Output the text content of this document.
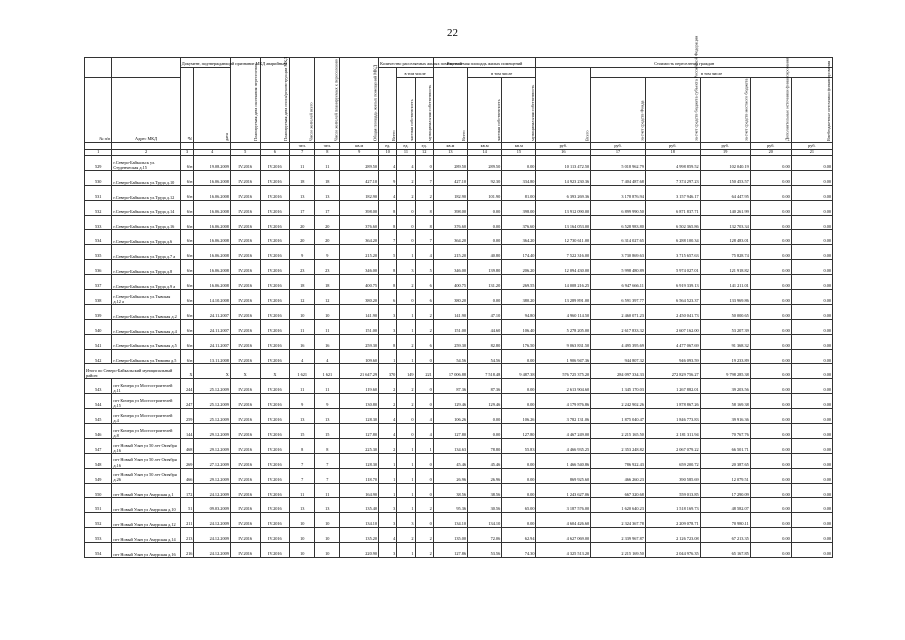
22
		Документ, подтверждающий признание МКД аварийным		Планируемая дата окончания переселения	Планируемая дата сноса/реконструкции МКД	Число жителей всего	Число жителей планируемых к переселению	Общая площадь жилых помещений МКД	Количество расселяемых жилых помещений			Расселяемая площадь жилых помещений			Стоимость переселения граждан					
		№	дата						Всего	в том числе		Всего	в том числе		Всего	в том числе				
№ п/п	Адрес МКД									частная собственность	муниципальная собственность		частная собственность	муниципальная собственность		за счет средств Фонда	за счет средств бюджета субъекта Российской Федерации	за счет средств местного бюджета	Дополнительные источники финансирования	Внебюджетные источники финансирования
						чел.	чел.	кв.м	ед.	ед.	ед.	кв.м	кв.м	кв.м	руб.	руб.	руб.	руб.	руб.	руб.
1	2	3	4	5	6	7	8	9	10	11	12	13	14	15	16	17	18	19	20	21
529	г.Северо-Байкальск ул. Студенческая д.15	6/н	19.08.2009	IV.2016	IV.2016	11	11	289.50	4	4	0	289.50	289.50	0.00	10 113 472.50	5 018 962.79	4 998 859.52	102 040.19	0.00	0.00
530	г.Северо-Байкальск ул.Труда д.10	6/н	16.06.2008	IV.2016	IV.2016	18	18	427.10	9	2	7	427.10	92.30	334.80	14 923 230.36	7 404 487.68	7 374 297.23	150 453.57	0.00	0.00
531	г.Северо-Байкальск ул.Труда д.12	6/н	16.06.2008	IV.2016	IV.2016	13	13	182.90	4	2	2	182.90	101.90	81.00	6 393 269.36	3 178 876.94	3 157 946.17	64 447.95	0.00	0.00
532	г.Северо-Байкальск ул.Труда д.14	6/н	16.06.2008	IV.2016	IV.2016	17	17	398.00	8	0	8	398.00	0.00	398.00	13 912 090.00	6 899 990.50	6 871 837.71	140 261.99	0.00	0.00
533	г.Северо-Байкальск ул.Труда д.16	6/н	16.06.2008	IV.2016	IV.2016	20	20	376.60	8	0	8	376.60	0.00	376.60	13 164 053.00	6 528 983.80	6 502 365.86	132 703.34	0.00	0.00
534	г.Северо-Байкальск ул.Труда д.6	6/н	16.06.2008	IV.2016	IV.2016	20	20	364.20	7	0	7	364.20	0.00	364.20	12 730 611.00	6 314 027.65	6 288 100.34	128 483.01	0.00	0.00
535	г.Северо-Байкальск ул.Труда д.7 а	6/н	16.06.2008	IV.2016	IV.2016	9	9	215.20	5	1	4	215.20	40.80	174.40	7 522 316.00	3 730 869.63	3 715 657.63	75 828.74	0.00	0.00
536	г.Северо-Байкальск ул.Труда д.8	6/н	16.06.2008	IV.2016	IV.2016	23	23	346.00	8	3	5	346.00	139.80	206.20	12 094 430.00	5 998 480.89	5 974 027.01	121 918.82	0.00	0.00
537	г.Северо-Байкальск ул.Труда д.9 а	6/н	16.06.2008	IV.2016	IV.2016	18	18	400.75	8	2	6	400.75	131.20	269.55	14 008 216.25	6 947 666.11	6 919 339.13	141 211.01	0.00	0.00
538	г.Северо-Байкальск ул.Тывская д.12 а	6/н	14.10.2008	IV.2016	IV.2016	12	12	380.20	6	0	6	380.20	0.00	380.20	13 289 891.00	6 591 397.77	6 564 523.37	133 969.86	0.00	0.00
539	г.Северо-Байкальск ул.Тывская д.2	6/н	24.11.2007	IV.2016	IV.2016	10	10	141.90	3	1	2	141.90	47.10	94.80	4 960 114.50	2 460 071.23	2 450 041.73	50 000.65	0.00	0.00
540	г.Северо-Байкальск ул.Тывская д.4	6/н	24.11.2007	IV.2016	IV.2016	11	11	151.00	3	1	2	151.00	44.60	106.40	5 278 205.00	2 617 833.32	2 607 162.00	53 207.39	0.00	0.00
541	г.Северо-Байкальск ул.Тывская д.5	6/н	24.11.2007	IV.2016	IV.2016	16	16	259.30	8	2	6	259.30	82.80	176.50	9 063 831.50	4 495 395.69	4 477 067.69	91 368.32	0.00	0.00
542	г.Северо-Байкальск ул.Тюмина д.5	6/н	13.11.2008	IV.2016	IV.2016	4	4	109.60	1	1	0	54.56	54.56	0.00	1 906 947.36	944 807.32	946 093.59	19 233.89	0.00	0.00
Итого по Северо-Байкальский муниципальный район:		X	X	X	X	1 621	1 621	21 647.29	370	149	221	17 006.88	7 518.48	9 487.38	576 725 375.20	284 097 334.33	272 829 756.27	9 798 285.38	0.00	0.00
543	пгт Кичера ул Мостостроителей д.11	244	25.12.2009	IV.2016	IV.2016	11	11	119.60	2	2	0	87.36	87.36	0.00	2 613 904.60	1 345 170.03	1 267 882.01	39 203.56	0.00	0.00
544	пгт Кичера ул Мостостроителей д.15	247	25.12.2009	IV.2016	IV.2016	9	9	130.80	2	2	0	129.46	129.46	0.00	4 179 876.86	2 242 902.26	1 878 867.26	58 169.38	0.00	0.00
545	пгт Кичера ул Мостостроителей д.4	259	25.12.2009	IV.2016	IV.2016	13	13	128.30	4	0	4	106.26	0.00	106.26	3 782 131.06	1 875 040.47	1 846 773.83	39 916.36	0.00	0.00
546	пгт Кичера ул Мостостроителей д.8	144	29.12.2009	IV.2016	IV.2016	15	15	127.80	4	0	4	127.80	0.00	127.80	4 467 249.00	2 215 165.50	2 181 311.94	70 767.76	0.00	0.00
547	пгт Новый Уоян ул 50 лет Октября д.16	468	29.12.2009	IV.2016	IV.2016	8	8	225.30	2	1	1	134.63	78.80	55.83	4 466 935.25	2 353 248.82	2 067 079.22	66 501.71	0.00	0.00
548	пгт Новый Уоян ул 50 лет Октября д.16	269	27.12.2009	IV.2016	IV.2016	7	7	128.30	1	1	0	45.46	45.46	0.00	1 466 540.86	786 922.43	659 200.72	20 387.65	0.00	0.00
549	пгт Новый Уоян ул 50 лет Октября д.26	466	29.12.2009	IV.2016	IV.2016	7	7	118.70	1	1	0	26.96	26.96	0.00	869 925.60	466 260.23	390 585.69	12 079.51	0.00	0.00
550	пгт Новый Уоян ул Амурская д.1	172	24.12.2009	IV.2016	IV.2016	11	11	164.90	1	1	0	38.56	38.56	0.00	1 243 627.06	667 320.68	559 013.85	17 290.09	0.00	0.00
551	пгт Новый Уоян ул Амурская д.10	51	09.03.2009	IV.2016	IV.2016	13	13	135.40	3	1	2	95.36	30.56	65.00	3 187 576.00	1 620 640.23	1 518 169.73	48 582.07	0.00	0.00
552	пгт Новый Уоян ул Амурская д.12	211	24.12.2009	IV.2016	IV.2016	10	10	134.10	3	3	0	134.10	134.10	0.00	4 604 426.60	2 324 367.78	2 209 078.71	70 980.11	0.00	0.00
553	пгт Новый Уоян ул Амурская д.14	213	24.12.2009	IV.2016	IV.2016	10	10	135.20	4	2	2	135.00	72.06	62.94	4 627 069.00	2 339 967.87	2 126 723.08	67 213.35	0.00	0.00
554	пгт Новый Уоян ул Амурская д.16	216	24.12.2009	IV.2016	IV.2016	10	10	220.90	3	1	2	127.86	53.56	74.30	4 325 513.20	2 215 169.50	2 044 976.35	65 167.85	0.00	0.00
